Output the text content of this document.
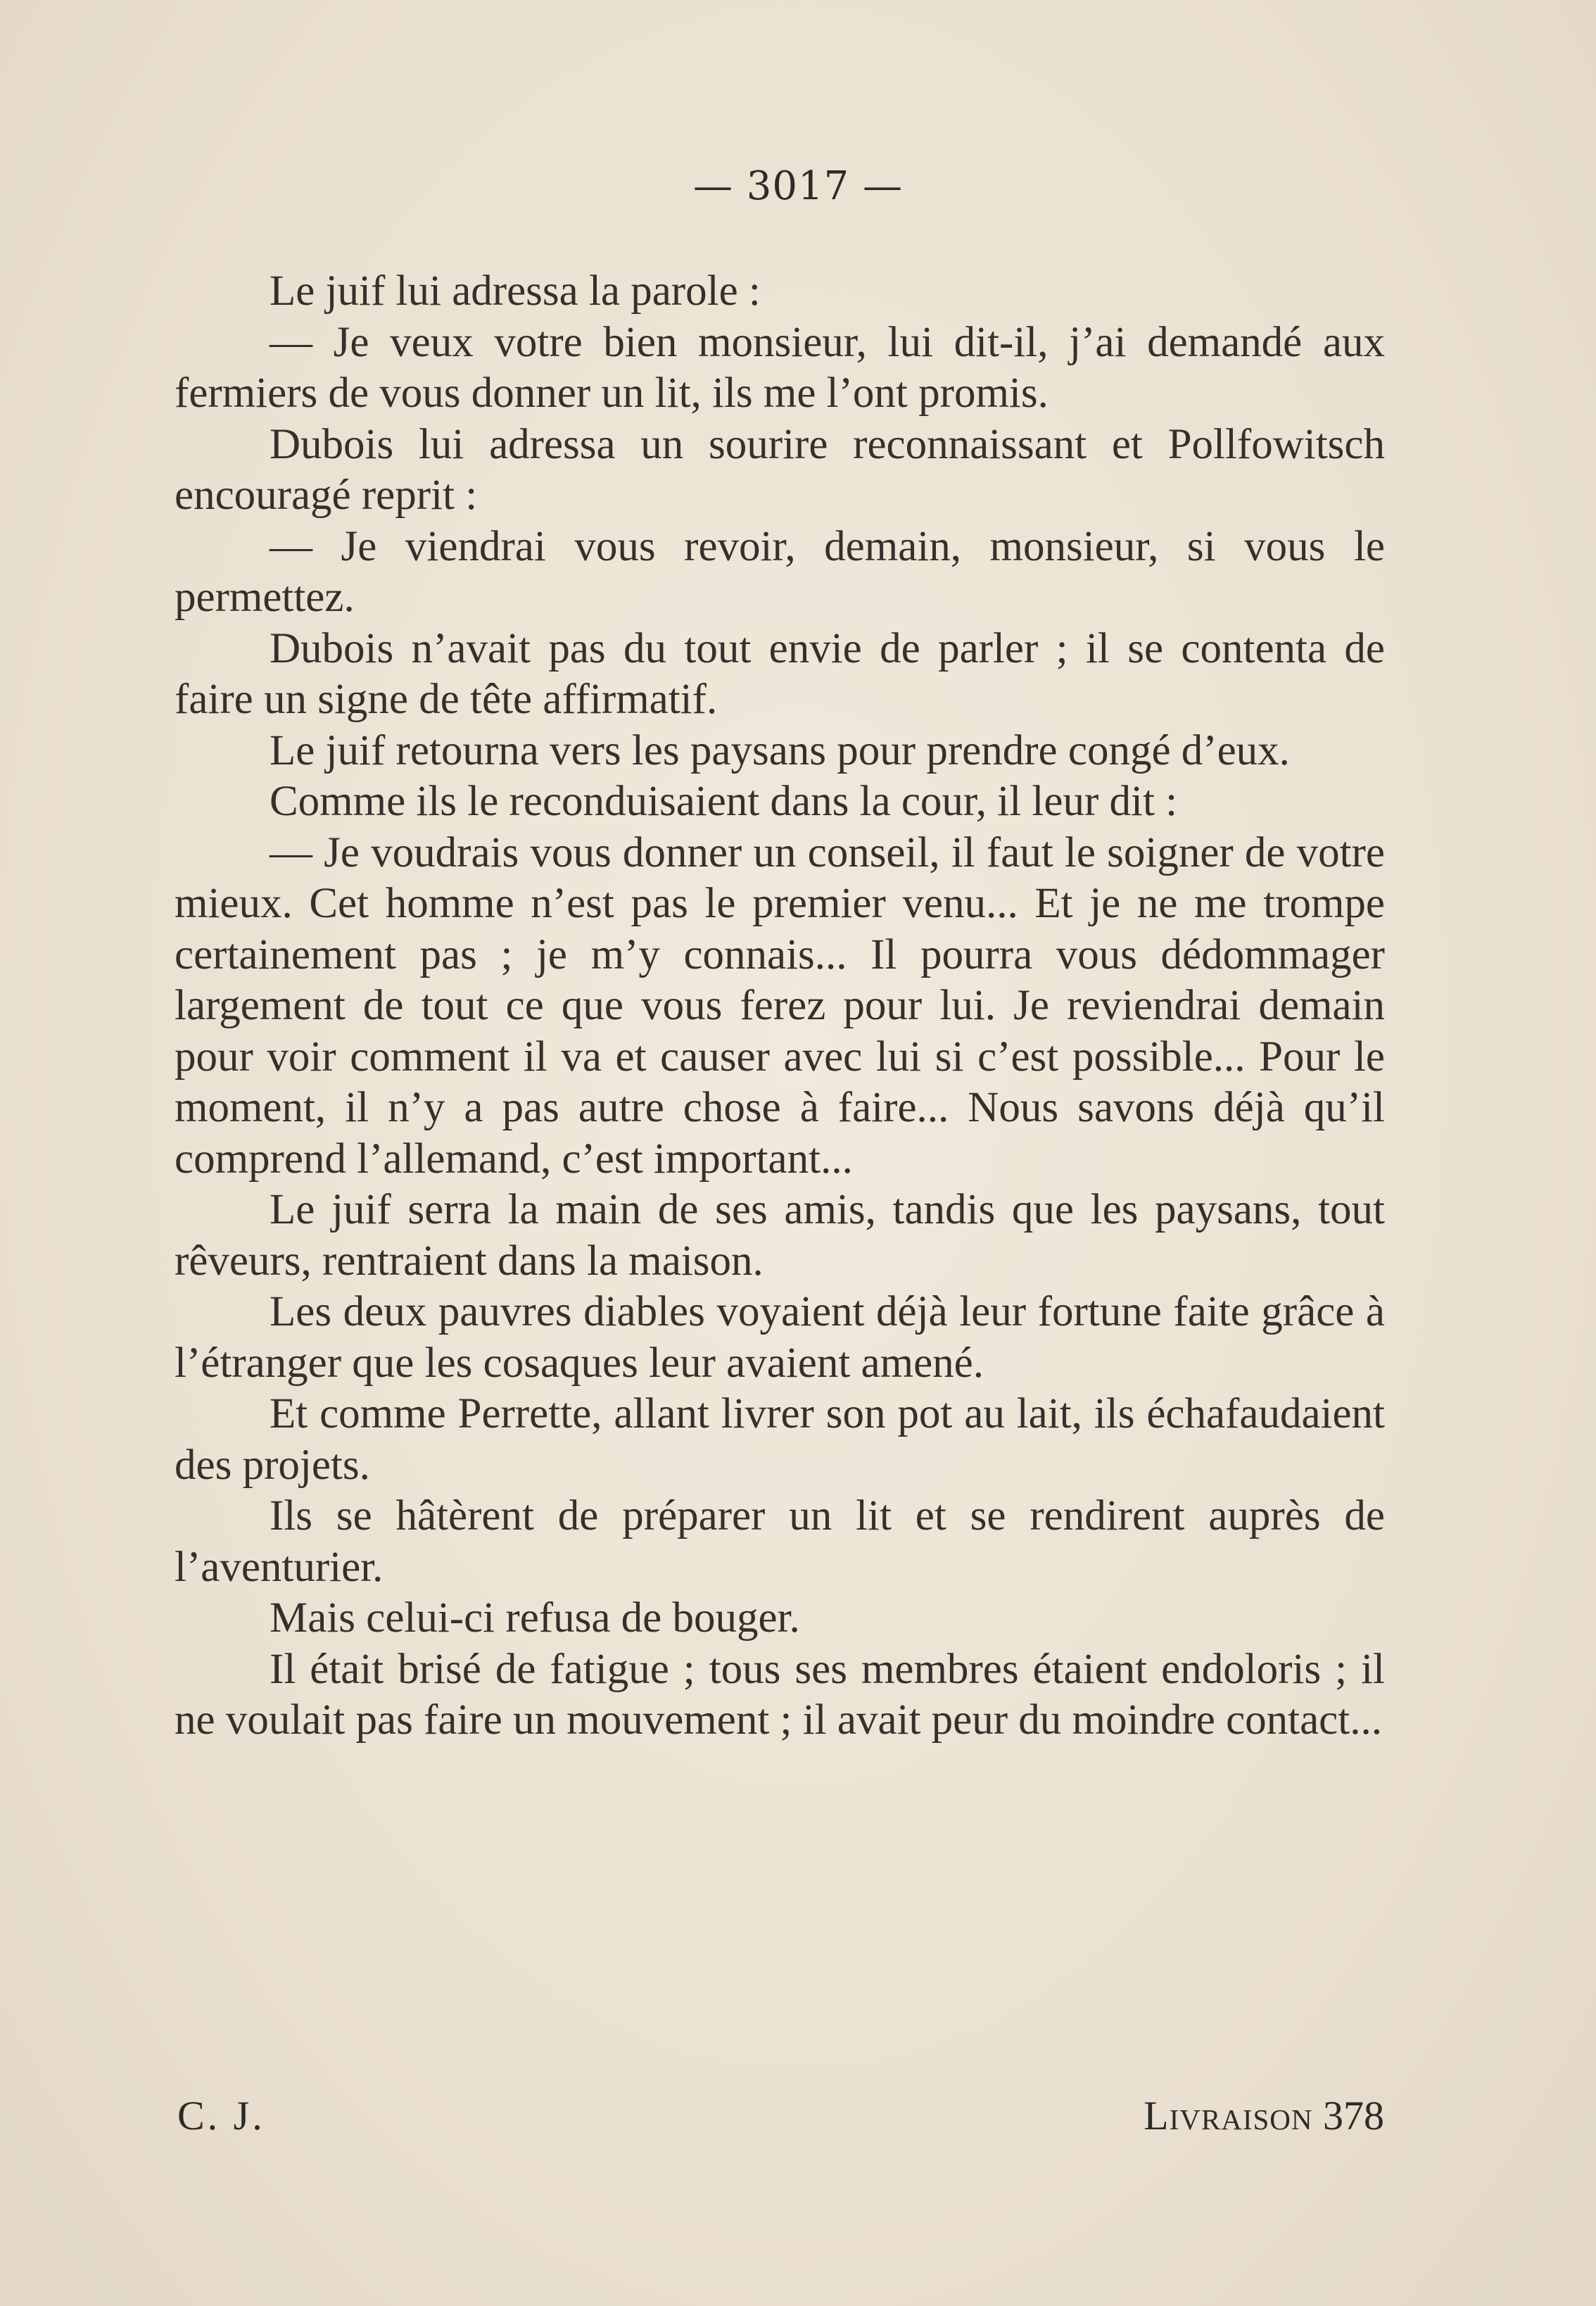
— 3017 —

Le juif lui adressa la parole :

— Je veux votre bien monsieur, lui dit-il, j’ai demandé aux fermiers de vous donner un lit, ils me l’ont promis.

Dubois lui adressa un sourire reconnaissant et Pollfowitsch encouragé reprit :

— Je viendrai vous revoir, demain, monsieur, si vous le permettez.

Dubois n’avait pas du tout envie de parler ; il se contenta de faire un signe de tête affirmatif.

Le juif retourna vers les paysans pour prendre congé d’eux.

Comme ils le reconduisaient dans la cour, il leur dit :

— Je voudrais vous donner un conseil, il faut le soigner de votre mieux. Cet homme n’est pas le premier venu... Et je ne me trompe certainement pas ; je m’y connais... Il pourra vous dédommager largement de tout ce que vous ferez pour lui. Je reviendrai demain pour voir comment il va et causer avec lui si c’est possible... Pour le moment, il n’y a pas autre chose à faire... Nous savons déjà qu’il comprend l’allemand, c’est important...

Le juif serra la main de ses amis, tandis que les paysans, tout rêveurs, rentraient dans la maison.

Les deux pauvres diables voyaient déjà leur fortune faite grâce à l’étranger que les cosaques leur avaient amené.

Et comme Perrette, allant livrer son pot au lait, ils échafaudaient des projets.

Ils se hâtèrent de préparer un lit et se rendirent auprès de l’aventurier.

Mais celui-ci refusa de bouger.

Il était brisé de fatigue ; tous ses membres étaient endoloris ; il ne voulait pas faire un mouvement ; il avait peur du moindre contact...

C. J.	Livraison 378
